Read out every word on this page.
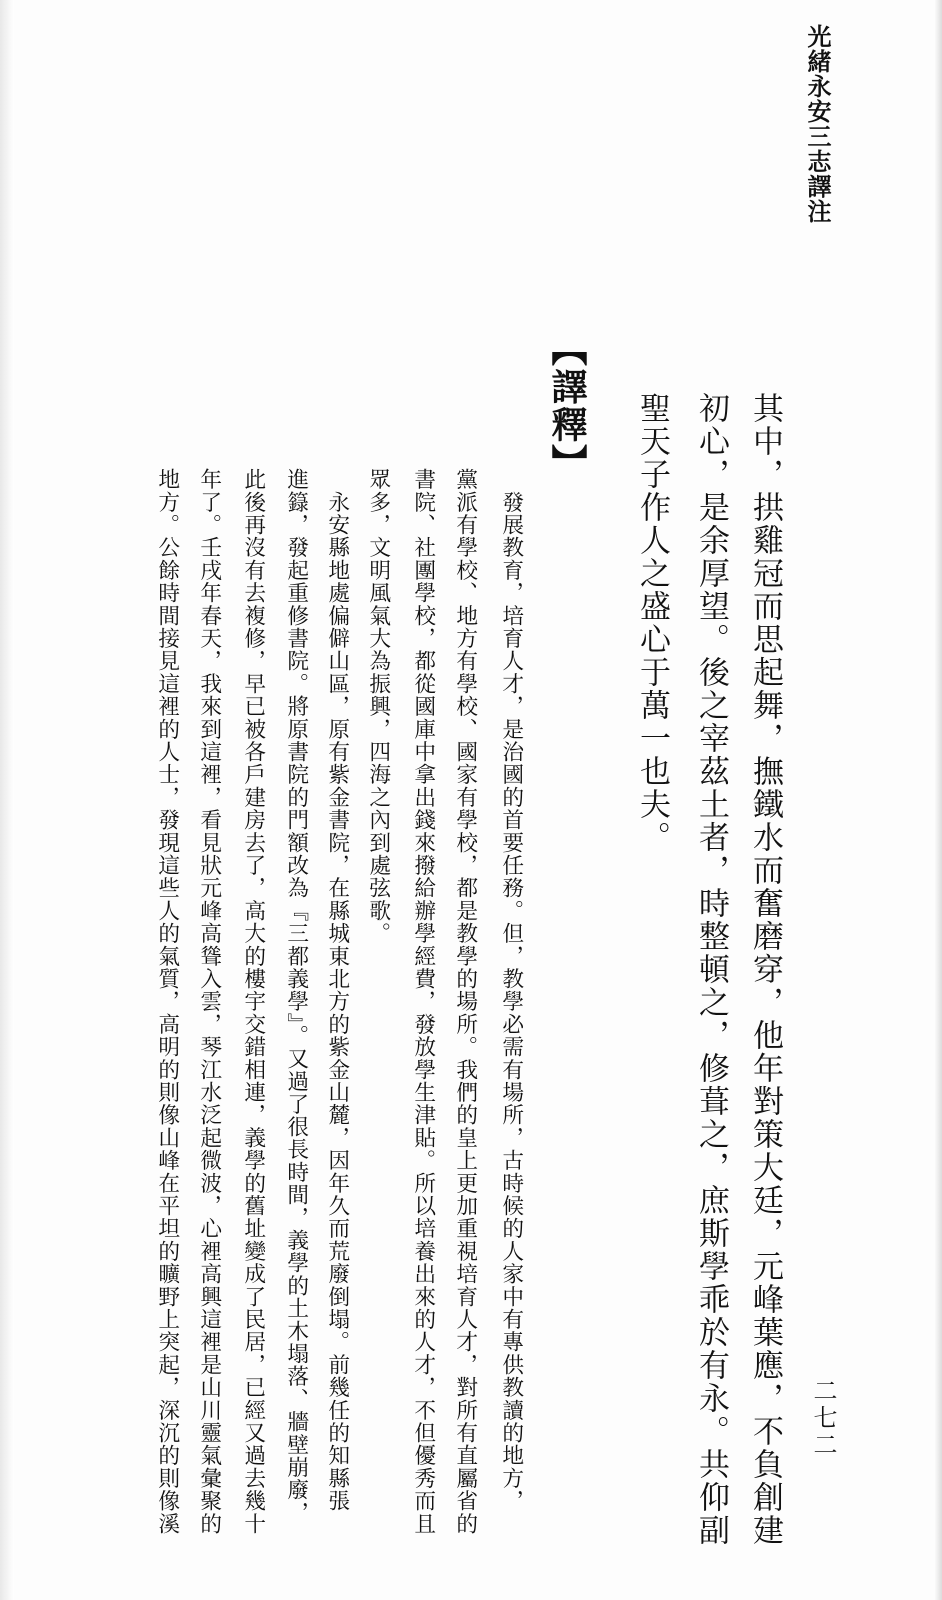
光緒永安三志譯注
二七二
其中，拱雞冠而思起舞，撫鐵水而奮磨穿，他年對策大廷，元峰葉應，不負創建
初心，是余厚望。後之宰茲土者，時整頓之，修葺之，庶斯學乖於有永。共仰副
聖天子作人之盛心于萬一也夫。
【譯釋】
　發展教育，培育人才，是治國的首要任務。但，教學必需有場所，古時候的人家中有專供教讀的地方，
黨派有學校、地方有學校、國家有學校，都是教學的場所。我們的皇上更加重視培育人才，對所有直屬省的
書院、社團學校，都從國庫中拿出錢來撥給辦學經費，發放學生津貼。所以培養出來的人才，不但優秀而且
眾多，文明風氣大為振興，四海之內到處弦歌。
　永安縣地處偏僻山區，原有紫金書院，在縣城東北方的紫金山麓，因年久而荒廢倒塌。前幾任的知縣張
進籙，發起重修書院。將原書院的門額改為『三都義學』。又過了很長時間，義學的土木塌落、牆壁崩廢，
此後再沒有去複修，早已被各戶建房去了，高大的樓宇交錯相連，義學的舊址變成了民居，已經又過去幾十
年了。壬戌年春天，我來到這裡，看見狀元峰高聳入雲，琴江水泛起微波，心裡高興這裡是山川靈氣彙聚的
地方。公餘時間接見這裡的人士，發現這些人的氣質，高明的則像山峰在平坦的曠野上突起，深沉的則像溪
